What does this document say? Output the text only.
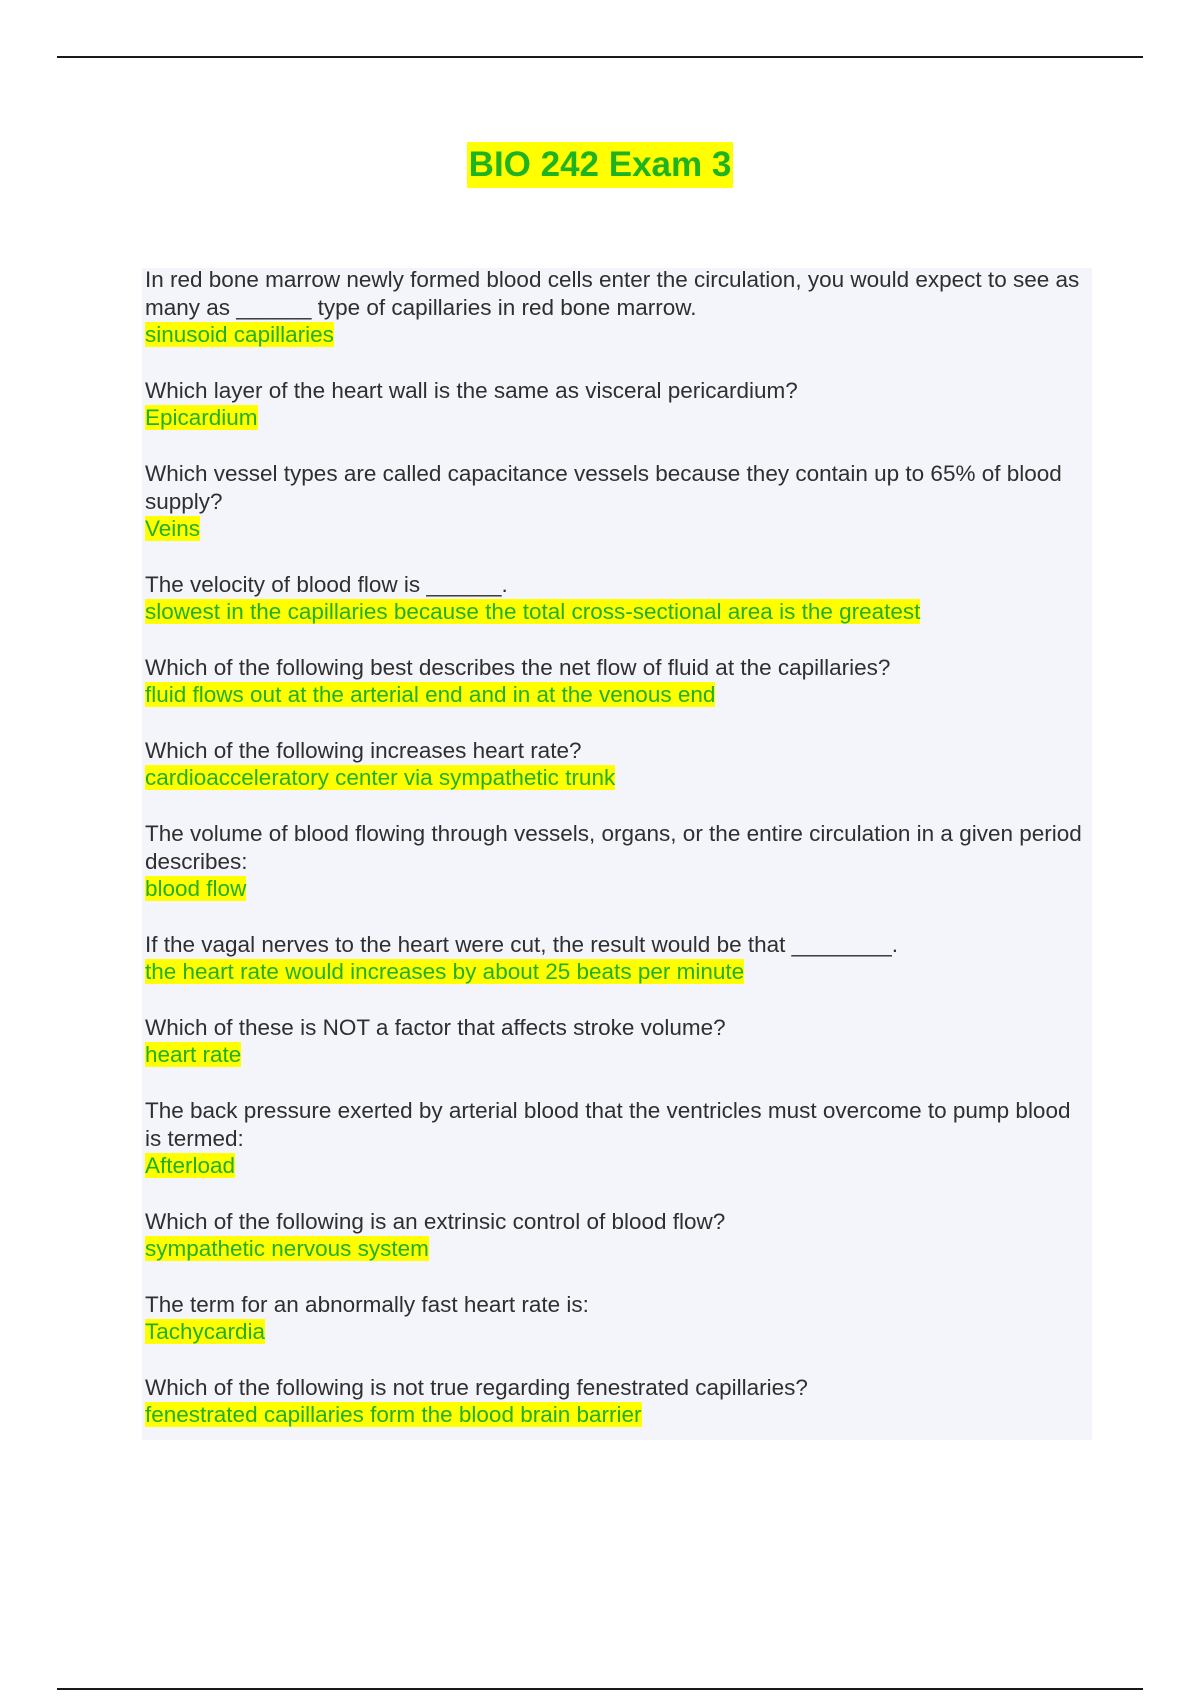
BIO 242 Exam 3
In red bone marrow newly formed blood cells enter the circulation, you would expect to see as many as ______ type of capillaries in red bone marrow.
sinusoid capillaries
Which layer of the heart wall is the same as visceral pericardium?
Epicardium
Which vessel types are called capacitance vessels because they contain up to 65% of blood supply?
Veins
The velocity of blood flow is ______.
slowest in the capillaries because the total cross-sectional area is the greatest
Which of the following best describes the net flow of fluid at the capillaries?
fluid flows out at the arterial end and in at the venous end
Which of the following increases heart rate?
cardioacceleratory center via sympathetic trunk
The volume of blood flowing through vessels, organs, or the entire circulation in a given period describes:
blood flow
If the vagal nerves to the heart were cut, the result would be that ________.
the heart rate would increases by about 25 beats per minute
Which of these is NOT a factor that affects stroke volume?
heart rate
The back pressure exerted by arterial blood that the ventricles must overcome to pump blood is termed:
Afterload
Which of the following is an extrinsic control of blood flow?
sympathetic nervous system
The term for an abnormally fast heart rate is:
Tachycardia
Which of the following is not true regarding fenestrated capillaries?
fenestrated capillaries form the blood brain barrier
